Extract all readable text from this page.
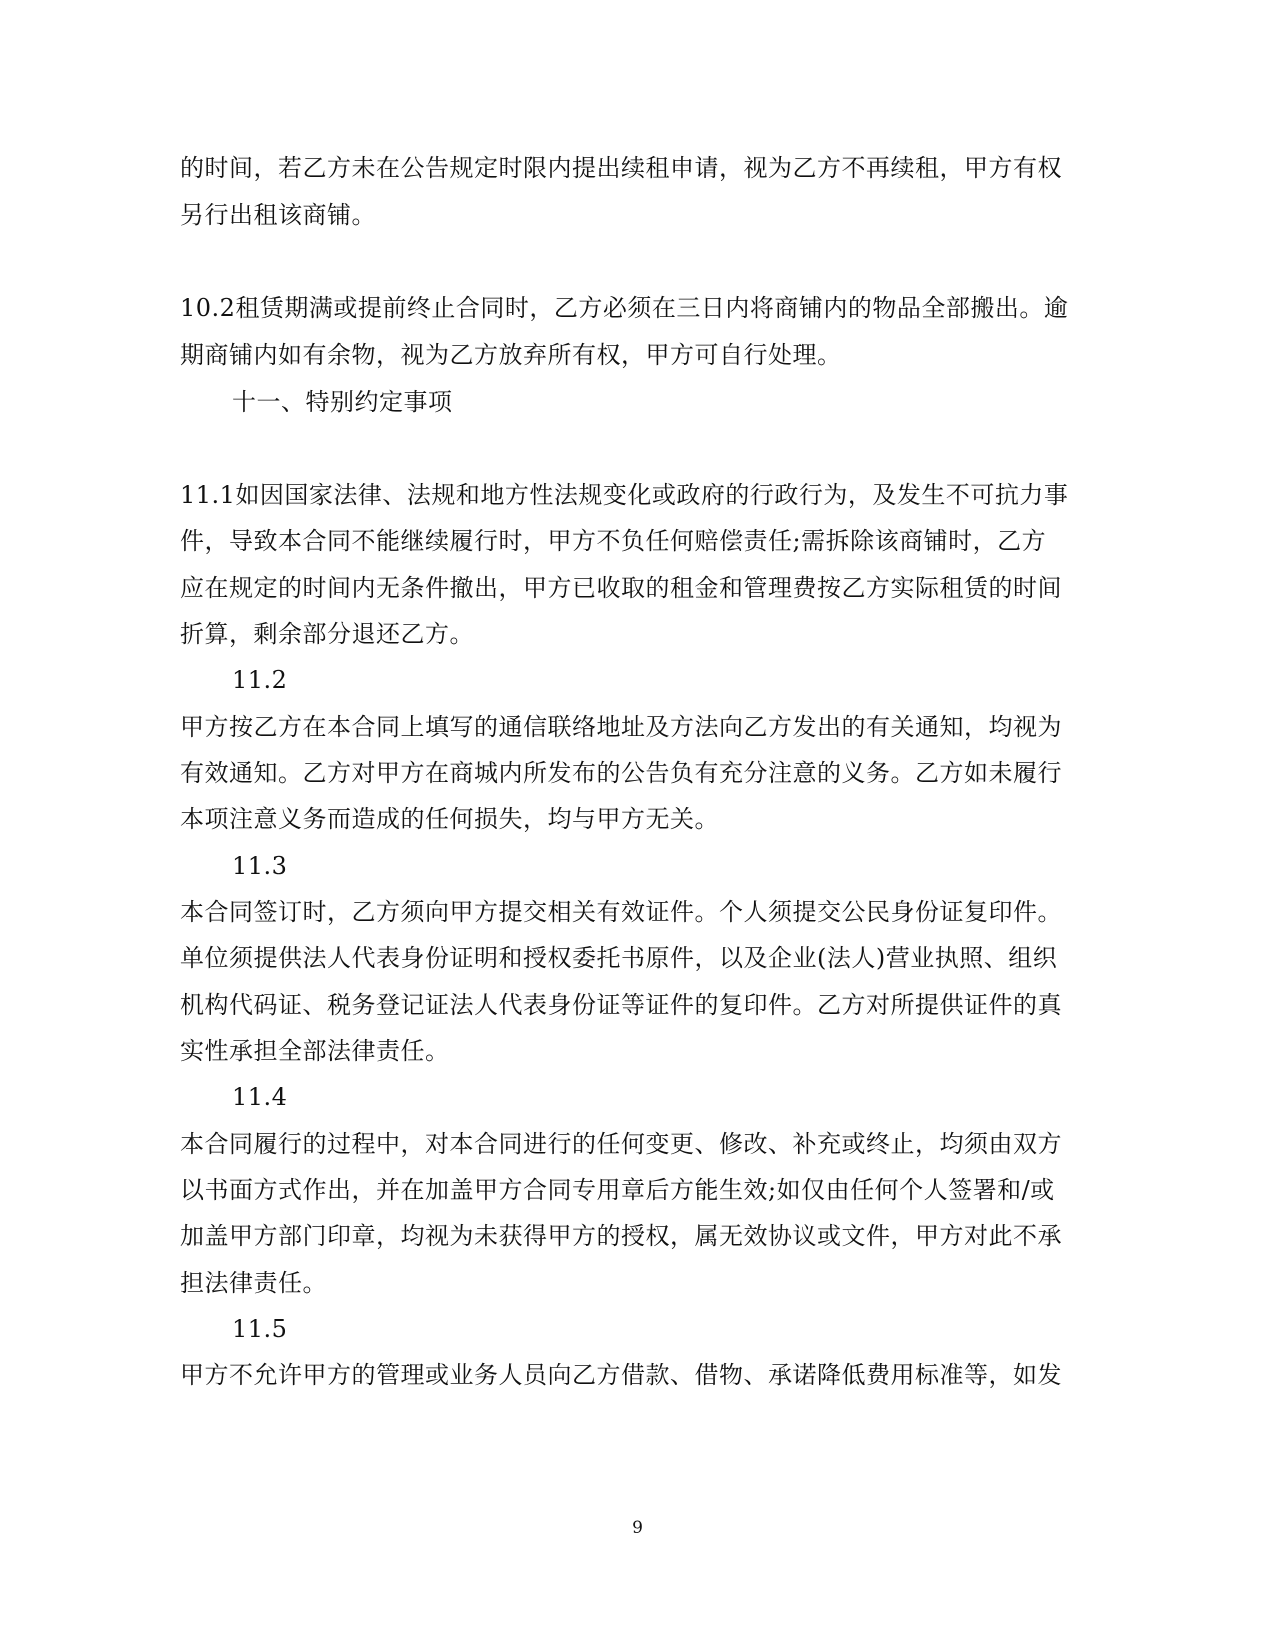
的时间，若乙方未在公告规定时限内提出续租申请，视为乙方不再续租，甲方有权
另行出租该商铺。
10.2租赁期满或提前终止合同时，乙方必须在三日内将商铺内的物品全部搬出。逾
期商铺内如有余物，视为乙方放弃所有权，甲方可自行处理。
十一、特别约定事项
11.1如因国家法律、法规和地方性法规变化或政府的行政行为，及发生不可抗力事
件，导致本合同不能继续履行时，甲方不负任何赔偿责任;需拆除该商铺时，乙方
应在规定的时间内无条件撤出，甲方已收取的租金和管理费按乙方实际租赁的时间
折算，剩余部分退还乙方。
11.2
甲方按乙方在本合同上填写的通信联络地址及方法向乙方发出的有关通知，均视为
有效通知。乙方对甲方在商城内所发布的公告负有充分注意的义务。乙方如未履行
本项注意义务而造成的任何损失，均与甲方无关。
11.3
本合同签订时，乙方须向甲方提交相关有效证件。个人须提交公民身份证复印件。
单位须提供法人代表身份证明和授权委托书原件，以及企业(法人)营业执照、组织
机构代码证、税务登记证法人代表身份证等证件的复印件。乙方对所提供证件的真
实性承担全部法律责任。
11.4
本合同履行的过程中，对本合同进行的任何变更、修改、补充或终止，均须由双方
以书面方式作出，并在加盖甲方合同专用章后方能生效;如仅由任何个人签署和/或
加盖甲方部门印章，均视为未获得甲方的授权，属无效协议或文件，甲方对此不承
担法律责任。
11.5
甲方不允许甲方的管理或业务人员向乙方借款、借物、承诺降低费用标准等，如发
9
